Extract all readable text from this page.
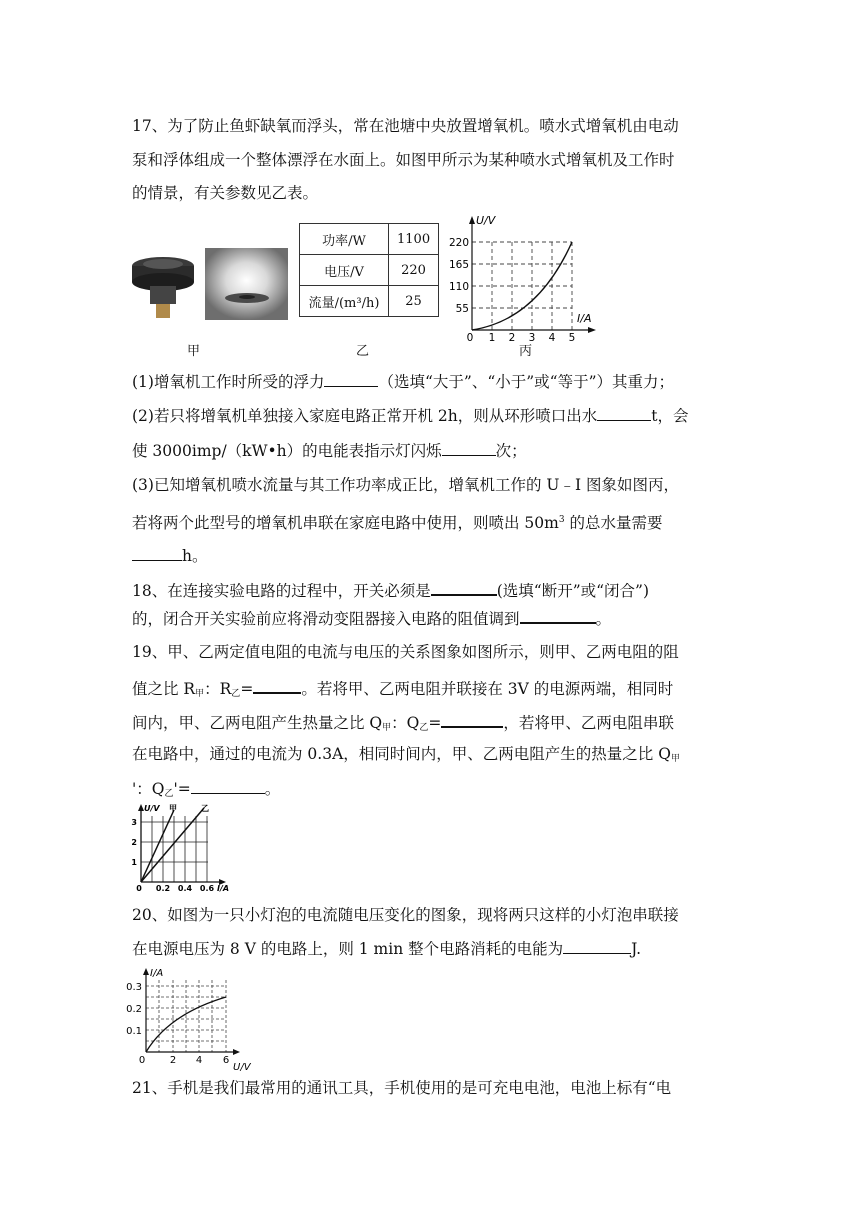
17、为了防止鱼虾缺氧而浮头，常在池塘中央放置增氧机。喷水式增氧机由电动
泵和浮体组成一个整体漂浮在水面上。如图甲所示为某种喷水式增氧机及工作时
的情景，有关参数见乙表。
甲
功率/W	1100
电压/V	220
流量/(m³/h)	25
乙
U/V
I/A
220
165
110
55
0 1 2 3 4 5
丙
(1)增氧机工作时所受的浮力	（选填“大于”、“小于”或“等于”）其重力；
(2)若只将增氧机单独接入家庭电路正常开机 2h，则从环形喷口出水	t，会
使 3000imp/（kW•h）的电能表指示灯闪烁	次；
(3)已知增氧机喷水流量与其工作功率成正比，增氧机工作的 U﹣I 图象如图丙，
若将两个此型号的增氧机串联在家庭电路中使用，则喷出 $50m^3$ 的总水量需要
h。
18、在连接实验电路的过程中，开关必须是	(选填“断开”或“闭合”)
的，闭合开关实验前应将滑动变阻器接入电路的阻值调到	。
19、甲、乙两定值电阻的电流与电压的关系图象如图所示，则甲、乙两电阻的阻
值之比 $R_甲$：$R_乙=$	。若将甲、乙两电阻并联接在 3V 的电源两端，相同时
间内，甲、乙两电阻产生热量之比 $Q_甲$：$Q_乙=$	，若将甲、乙两电阻串联
在电路中，通过的电流为 0.3A，相同时间内，甲、乙两电阻产生的热量之比 $Q_甲$
'：$Q_乙'=$	。
U/V 甲	乙
3
2
1
0 0.2 0.4 0.6 I/A
20、如图为一只小灯泡的电流随电压变化的图象，现将两只这样的小灯泡串联接
在电源电压为 8 V 的电路上，则 1 min 整个电路消耗的电能为	J.
I/A
0.3
0.2
0.1
0 2 4 6
U/V
21、手机是我们最常用的通讯工具，手机使用的是可充电电池，电池上标有“电
